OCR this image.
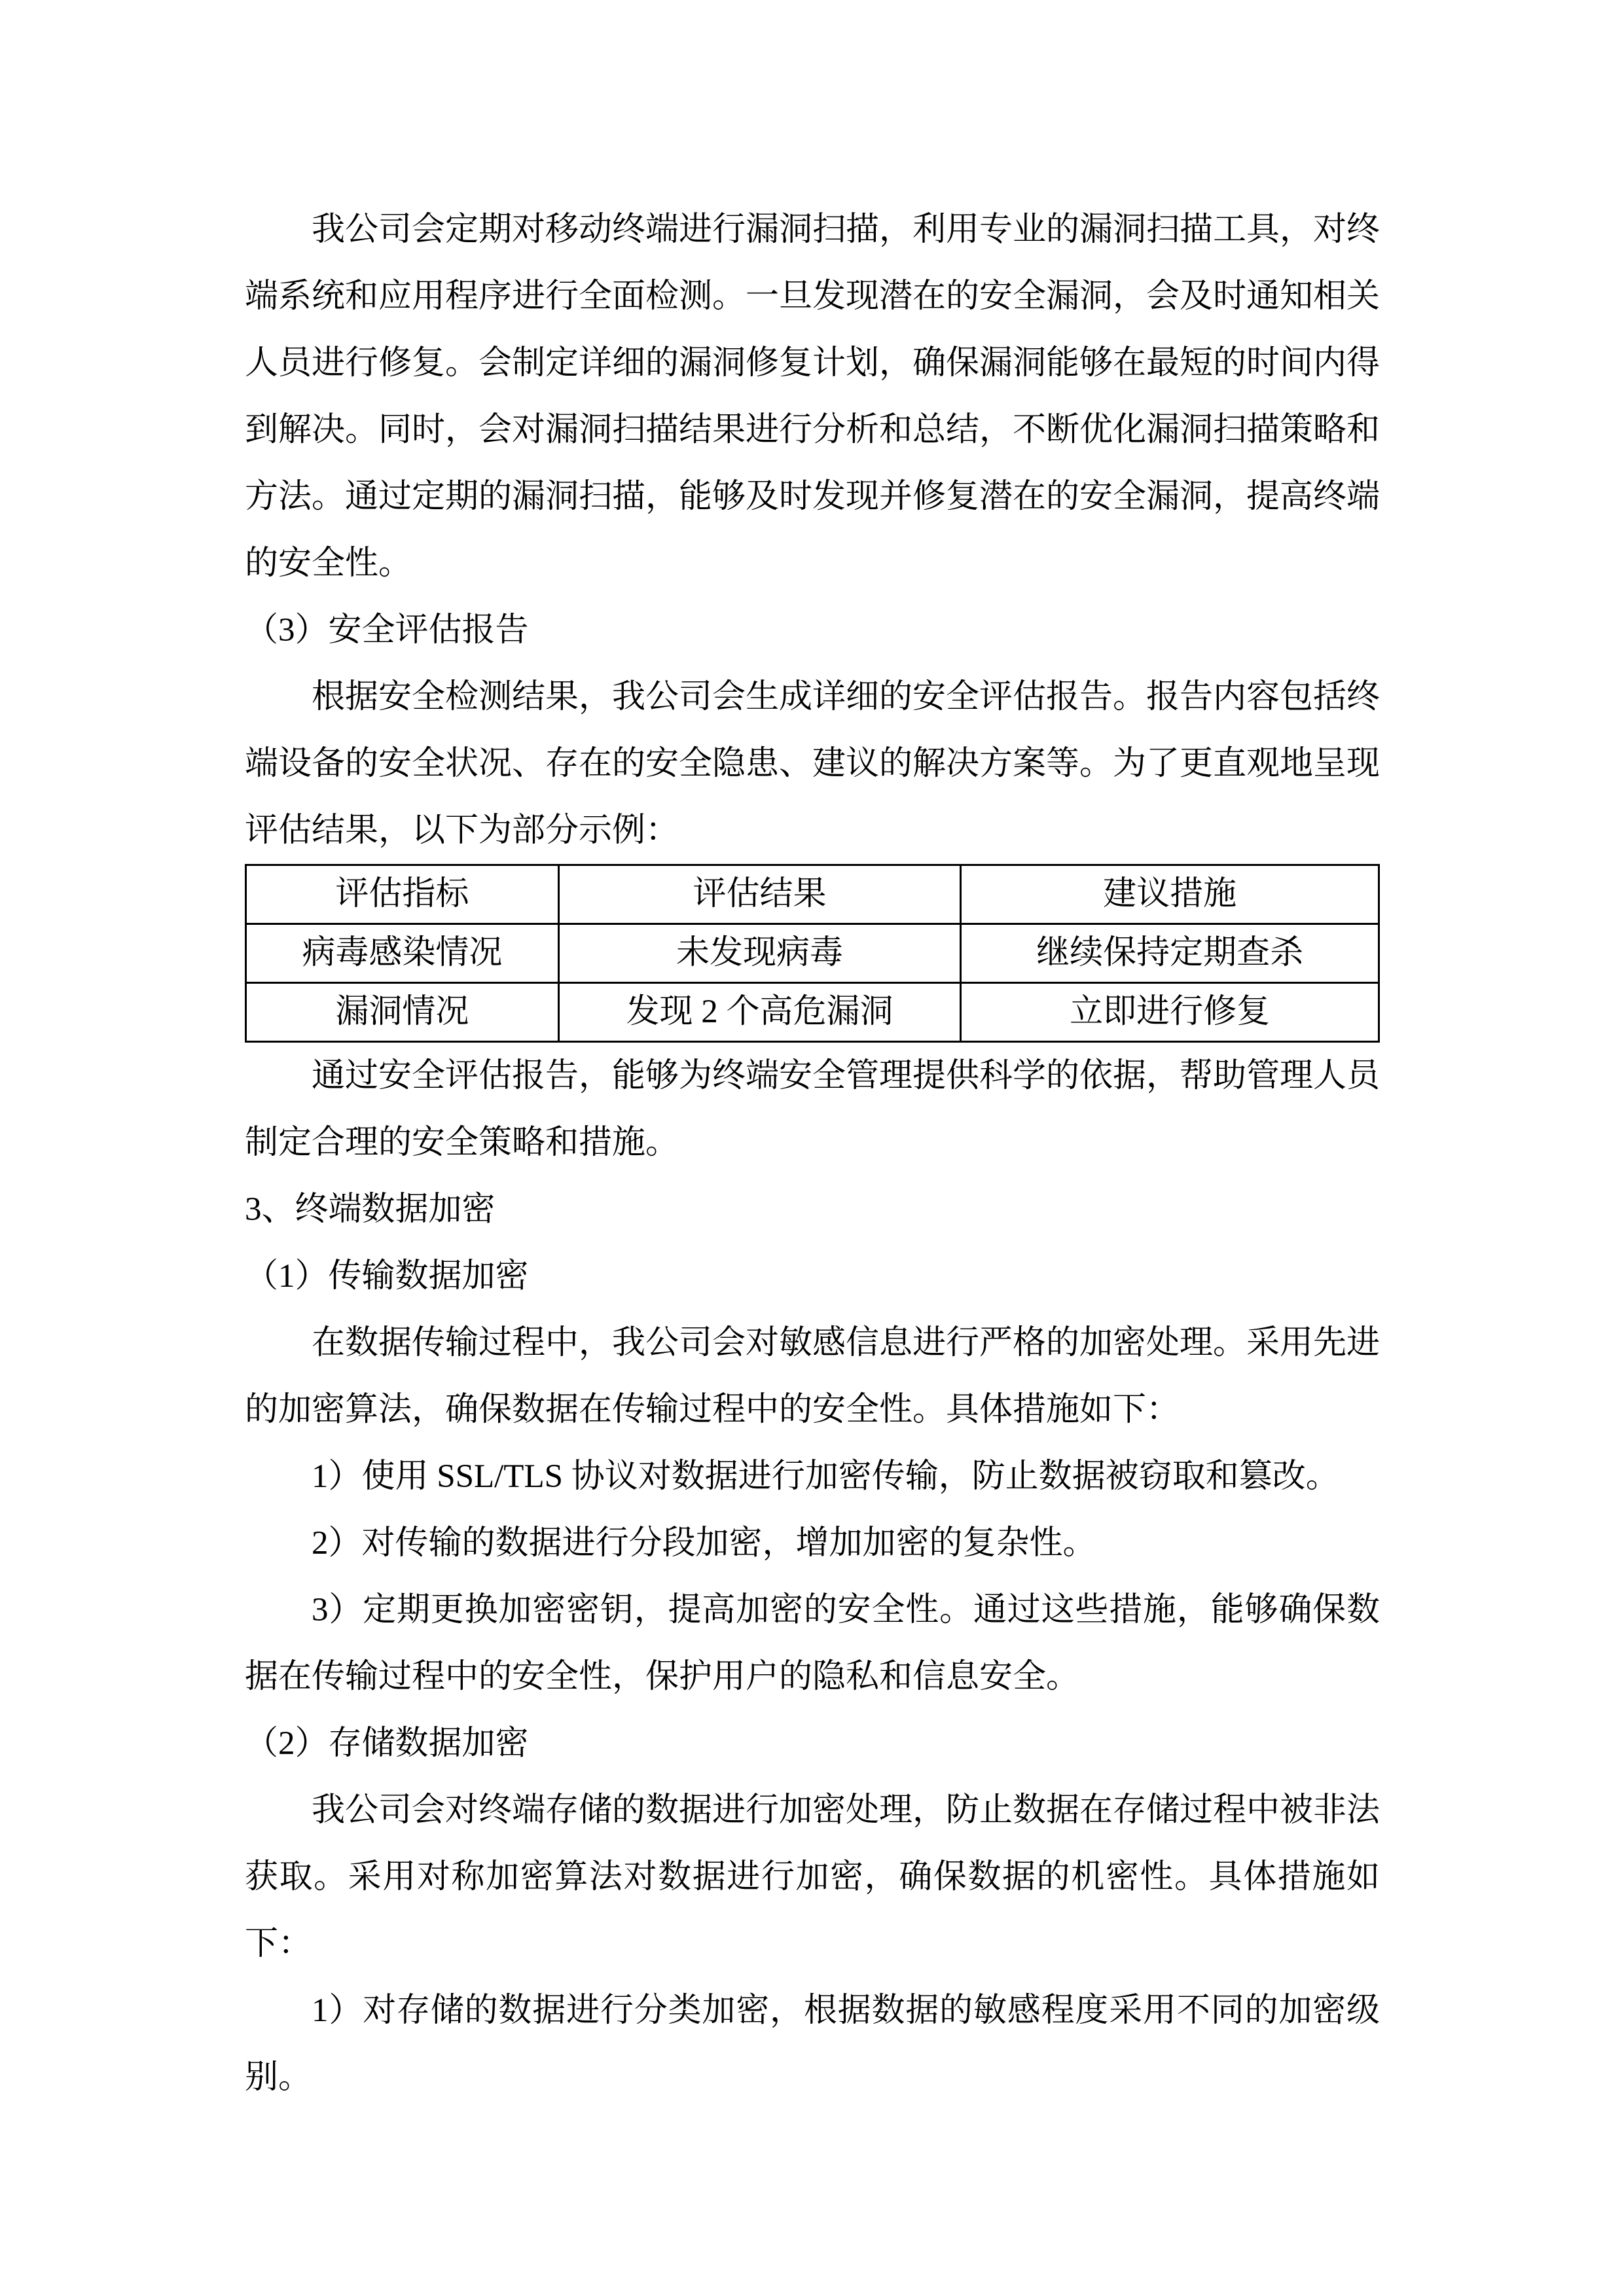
我公司会定期对移动终端进行漏洞扫描，利用专业的漏洞扫描工具，对终端系统和应用程序进行全面检测。一旦发现潜在的安全漏洞，会及时通知相关人员进行修复。会制定详细的漏洞修复计划，确保漏洞能够在最短的时间内得到解决。同时，会对漏洞扫描结果进行分析和总结，不断优化漏洞扫描策略和方法。通过定期的漏洞扫描，能够及时发现并修复潜在的安全漏洞，提高终端的安全性。

（3）安全评估报告

根据安全检测结果，我公司会生成详细的安全评估报告。报告内容包括终端设备的安全状况、存在的安全隐患、建议的解决方案等。为了更直观地呈现评估结果，以下为部分示例：

评估指标	评估结果	建议措施
病毒感染情况	未发现病毒	继续保持定期查杀
漏洞情况	发现 2 个高危漏洞	立即进行修复

通过安全评估报告，能够为终端安全管理提供科学的依据，帮助管理人员制定合理的安全策略和措施。

3、终端数据加密

（1）传输数据加密

在数据传输过程中，我公司会对敏感信息进行严格的加密处理。采用先进的加密算法，确保数据在传输过程中的安全性。具体措施如下：

1）使用 SSL/TLS 协议对数据进行加密传输，防止数据被窃取和篡改。

2）对传输的数据进行分段加密，增加加密的复杂性。

3）定期更换加密密钥，提高加密的安全性。通过这些措施，能够确保数据在传输过程中的安全性，保护用户的隐私和信息安全。

（2）存储数据加密

我公司会对终端存储的数据进行加密处理，防止数据在存储过程中被非法获取。采用对称加密算法对数据进行加密，确保数据的机密性。具体措施如下：

1）对存储的数据进行分类加密，根据数据的敏感程度采用不同的加密级别。
